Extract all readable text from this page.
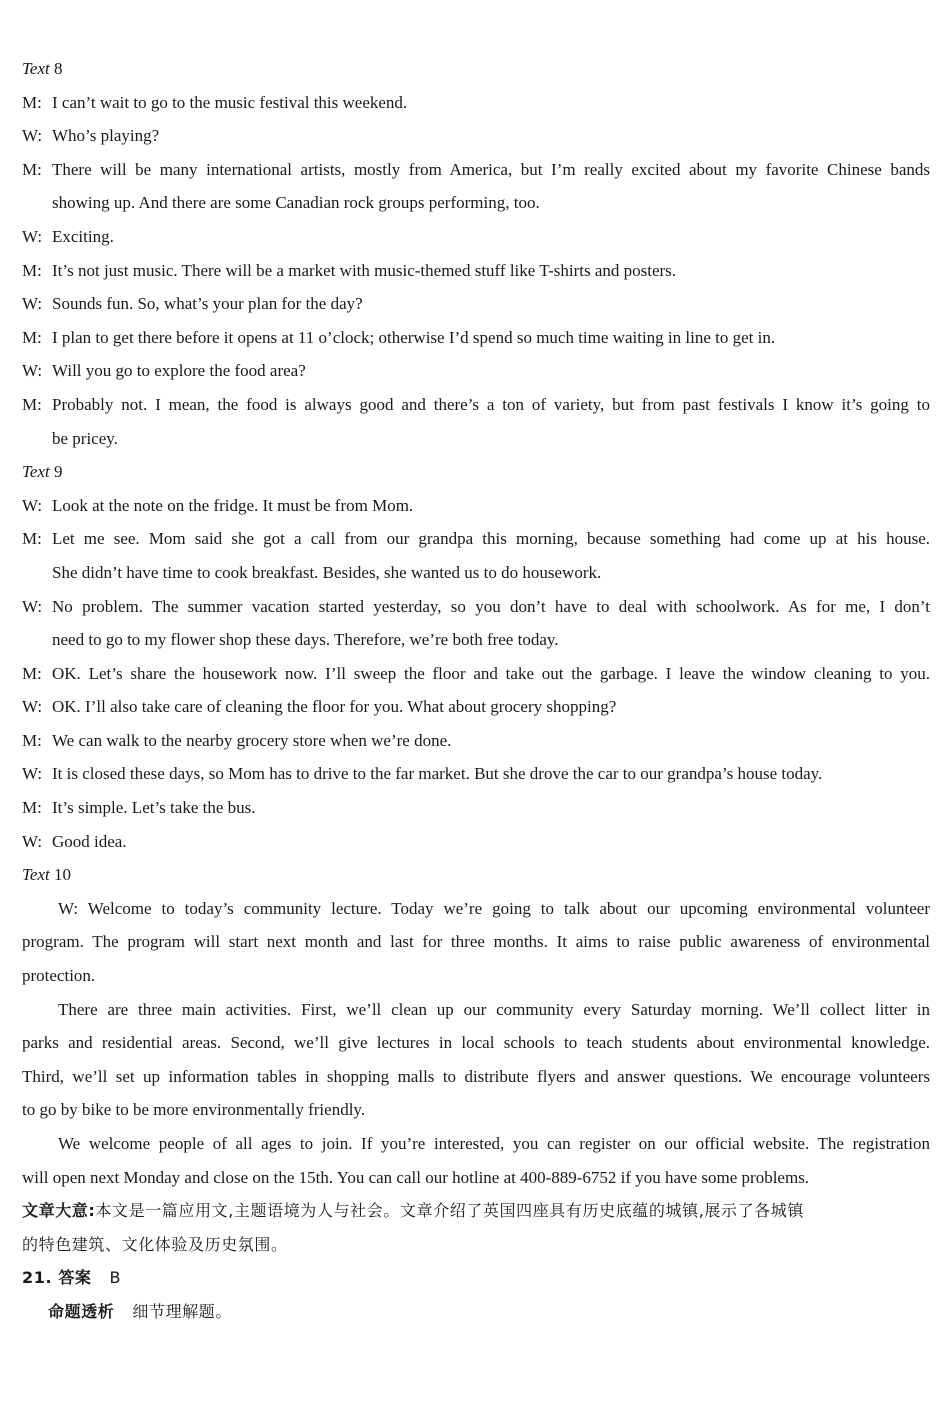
Text 8

M: I can’t wait to go to the music festival this weekend.

W: Who’s playing?

M: There will be many international artists, mostly from America, but I’m really excited about my favorite Chinese bands

showing up. And there are some Canadian rock groups performing, too.

W: Exciting.

M: It’s not just music. There will be a market with music-themed stuff like T-shirts and posters.

W: Sounds fun. So, what’s your plan for the day?

M: I plan to get there before it opens at 11 o’clock; otherwise I’d spend so much time waiting in line to get in.

W: Will you go to explore the food area?

M: Probably not. I mean, the food is always good and there’s a ton of variety, but from past festivals I know it’s going to

be pricey.

Text 9

W: Look at the note on the fridge. It must be from Mom.

M: Let me see. Mom said she got a call from our grandpa this morning, because something had come up at his house.

She didn’t have time to cook breakfast. Besides, she wanted us to do housework.

W: No problem. The summer vacation started yesterday, so you don’t have to deal with schoolwork. As for me, I don’t

need to go to my flower shop these days. Therefore, we’re both free today.

M: OK. Let’s share the housework now. I’ll sweep the floor and take out the garbage. I leave the window cleaning to you.

W: OK. I’ll also take care of cleaning the floor for you. What about grocery shopping?

M: We can walk to the nearby grocery store when we’re done.

W: It is closed these days, so Mom has to drive to the far market. But she drove the car to our grandpa’s house today.

M: It’s simple. Let’s take the bus.

W: Good idea.

Text 10

W: Welcome to today’s community lecture. Today we’re going to talk about our upcoming environmental volunteer

program. The program will start next month and last for three months. It aims to raise public awareness of environmental

protection.

There are three main activities. First, we’ll clean up our community every Saturday morning. We’ll collect litter in

parks and residential areas. Second, we’ll give lectures in local schools to teach students about environmental knowledge.

Third, we’ll set up information tables in shopping malls to distribute flyers and answer questions. We encourage volunteers

to go by bike to be more environmentally friendly.

We welcome people of all ages to join. If you’re interested, you can register on our official website. The registration

will open next Monday and close on the 15th. You can call our hotline at 400-889-6752 if you have some problems.

文章大意:本文是一篇应用文,主题语境为人与社会。文章介绍了英国四座具有历史底蕴的城镇,展示了各城镇

的特色建筑、文化体验及历史氛围。

21. 答案 B

命题透析 细节理解题。
